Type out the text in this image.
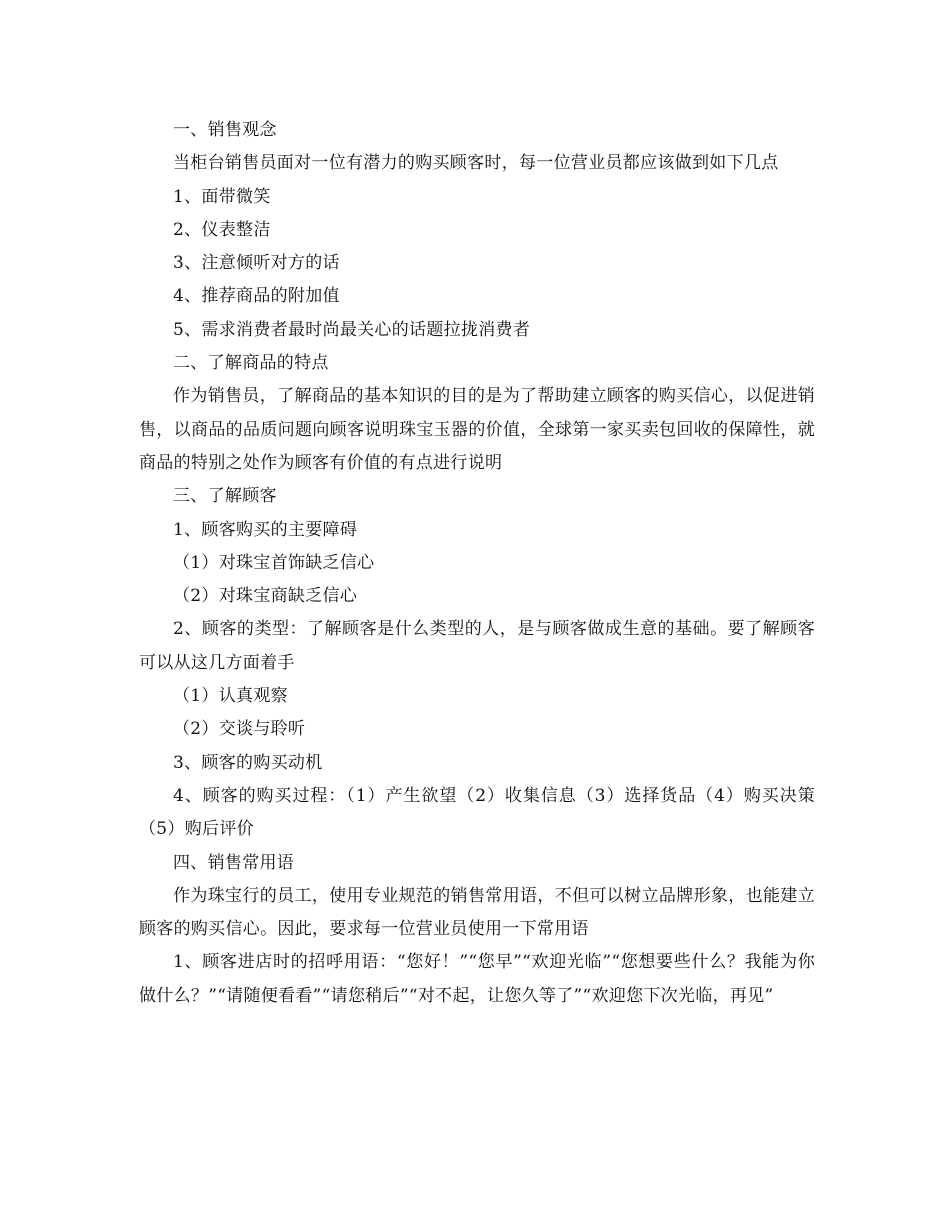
一、销售观念

当柜台销售员面对一位有潜力的购买顾客时，每一位营业员都应该做到如下几点

1、面带微笑

2、仪表整洁

3、注意倾听对方的话

4、推荐商品的附加值

5、需求消费者最时尚最关心的话题拉拢消费者

二、了解商品的特点

作为销售员，了解商品的基本知识的目的是为了帮助建立顾客的购买信心，以促进销售，以商品的品质问题向顾客说明珠宝玉器的价值，全球第一家买卖包回收的保障性，就商品的特别之处作为顾客有价值的有点进行说明

三、了解顾客

1、顾客购买的主要障碍

（1）对珠宝首饰缺乏信心

（2）对珠宝商缺乏信心

2、顾客的类型：了解顾客是什么类型的人，是与顾客做成生意的基础。要了解顾客可以从这几方面着手

（1）认真观察

（2）交谈与聆听

3、顾客的购买动机

4、顾客的购买过程：（1）产生欲望（2）收集信息（3）选择货品（4）购买决策（5）购后评价

四、销售常用语

作为珠宝行的员工，使用专业规范的销售常用语，不但可以树立品牌形象，也能建立顾客的购买信心。因此，要求每一位营业员使用一下常用语

1、顾客进店时的招呼用语：“您好！”“您早”“欢迎光临”“您想要些什么？我能为你做什么？”“请随便看看”“请您稍后”“对不起，让您久等了”“欢迎您下次光临，再见”
